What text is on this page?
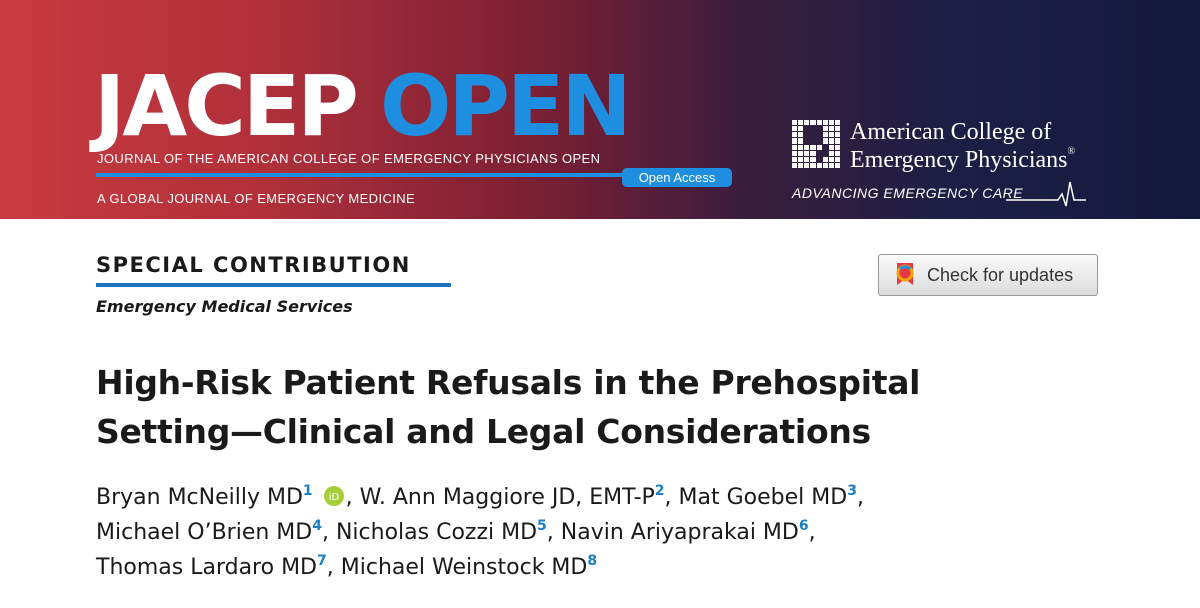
JACEP OPEN
JOURNAL OF THE AMERICAN COLLEGE OF EMERGENCY PHYSICIANS OPEN
Open Access
A GLOBAL JOURNAL OF EMERGENCY MEDICINE
American College of
Emergency Physicians®
ADVANCING EMERGENCY CARE
SPECIAL CONTRIBUTION
Emergency Medical Services
Check for updates
High-Risk Patient Refusals in the Prehospital
Setting—Clinical and Legal Considerations
Bryan McNeilly MD$^1$ iD , W. Ann Maggiore JD, EMT-P$^2$, Mat Goebel MD$^3$,
Michael O’Brien MD$^4$, Nicholas Cozzi MD$^5$, Navin Ariyaprakai MD$^6$,
Thomas Lardaro MD$^7$, Michael Weinstock MD$^8$
